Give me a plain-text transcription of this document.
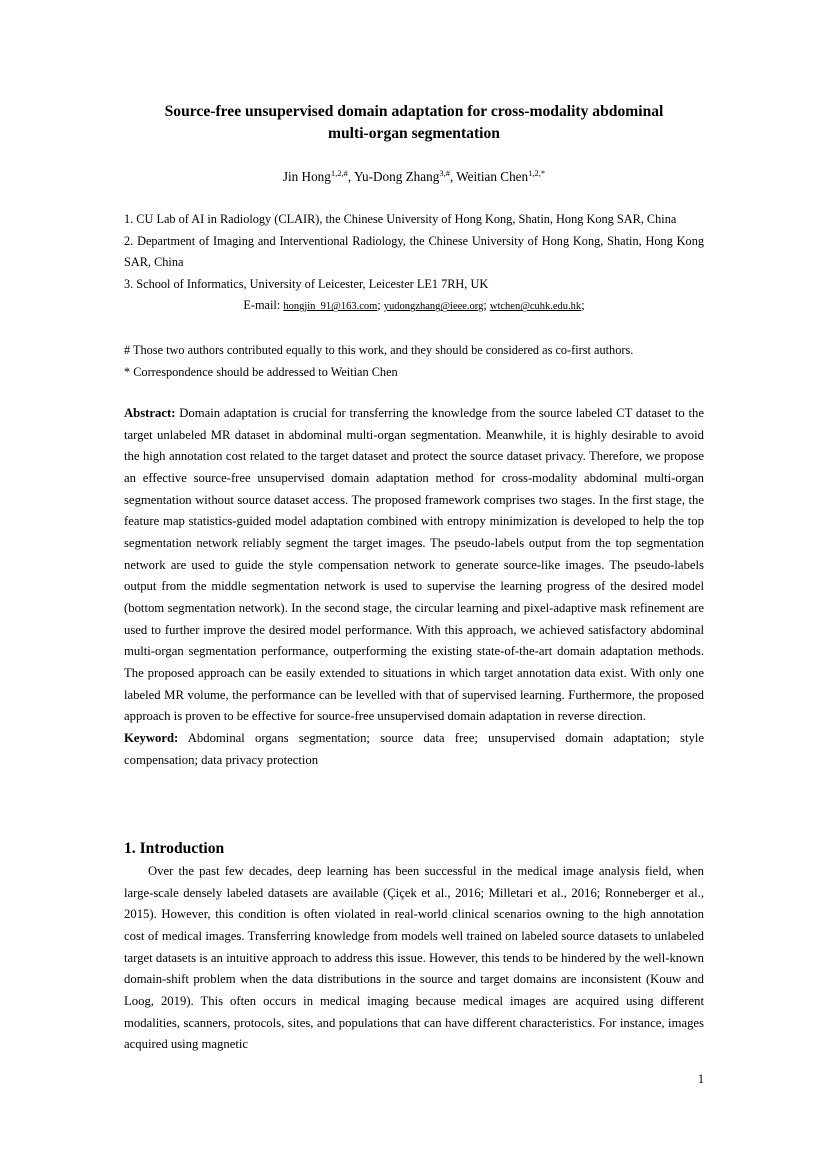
Source-free unsupervised domain adaptation for cross-modality abdominal
multi-organ segmentation
Jin Hong$^{1,2,\#}$, Yu-Dong Zhang$^{3,\#}$, Weitian Chen$^{1,2,*}$

1. CU Lab of AI in Radiology (CLAIR), the Chinese University of Hong Kong, Shatin, Hong Kong SAR, China

2. Department of Imaging and Interventional Radiology, the Chinese University of Hong Kong, Shatin, Hong Kong SAR, China

3. School of Informatics, University of Leicester, Leicester LE1 7RH, UK

E-mail: hongjin_91@163.com; yudongzhang@ieee.org; wtchen@cuhk.edu.hk;

# Those two authors contributed equally to this work, and they should be considered as co-first authors.

* Correspondence should be addressed to Weitian Chen

Abstract: Domain adaptation is crucial for transferring the knowledge from the source labeled CT dataset to the target unlabeled MR dataset in abdominal multi-organ segmentation. Meanwhile, it is highly desirable to avoid the high annotation cost related to the target dataset and protect the source dataset privacy. Therefore, we propose an effective source-free unsupervised domain adaptation method for cross-modality abdominal multi-organ segmentation without source dataset access. The proposed framework comprises two stages. In the first stage, the feature map statistics-guided model adaptation combined with entropy minimization is developed to help the top segmentation network reliably segment the target images. The pseudo-labels output from the top segmentation network are used to guide the style compensation network to generate source-like images. The pseudo-labels output from the middle segmentation network is used to supervise the learning progress of the desired model (bottom segmentation network). In the second stage, the circular learning and pixel-adaptive mask refinement are used to further improve the desired model performance. With this approach, we achieved satisfactory abdominal multi-organ segmentation performance, outperforming the existing state-of-the-art domain adaptation methods. The proposed approach can be easily extended to situations in which target annotation data exist. With only one labeled MR volume, the performance can be levelled with that of supervised learning. Furthermore, the proposed approach is proven to be effective for source-free unsupervised domain adaptation in reverse direction.

Keyword: Abdominal organs segmentation; source data free; unsupervised domain adaptation; style compensation; data privacy protection

1. Introduction

Over the past few decades, deep learning has been successful in the medical image analysis field, when large-scale densely labeled datasets are available (Çiçek et al., 2016; Milletari et al., 2016; Ronneberger et al., 2015). However, this condition is often violated in real-world clinical scenarios owning to the high annotation cost of medical images. Transferring knowledge from models well trained on labeled source datasets to unlabeled target datasets is an intuitive approach to address this issue. However, this tends to be hindered by the well-known domain-shift problem when the data distributions in the source and target domains are inconsistent (Kouw and Loog, 2019). This often occurs in medical imaging because medical images are acquired using different modalities, scanners, protocols, sites, and populations that can have different characteristics. For instance, images acquired using magnetic

1
